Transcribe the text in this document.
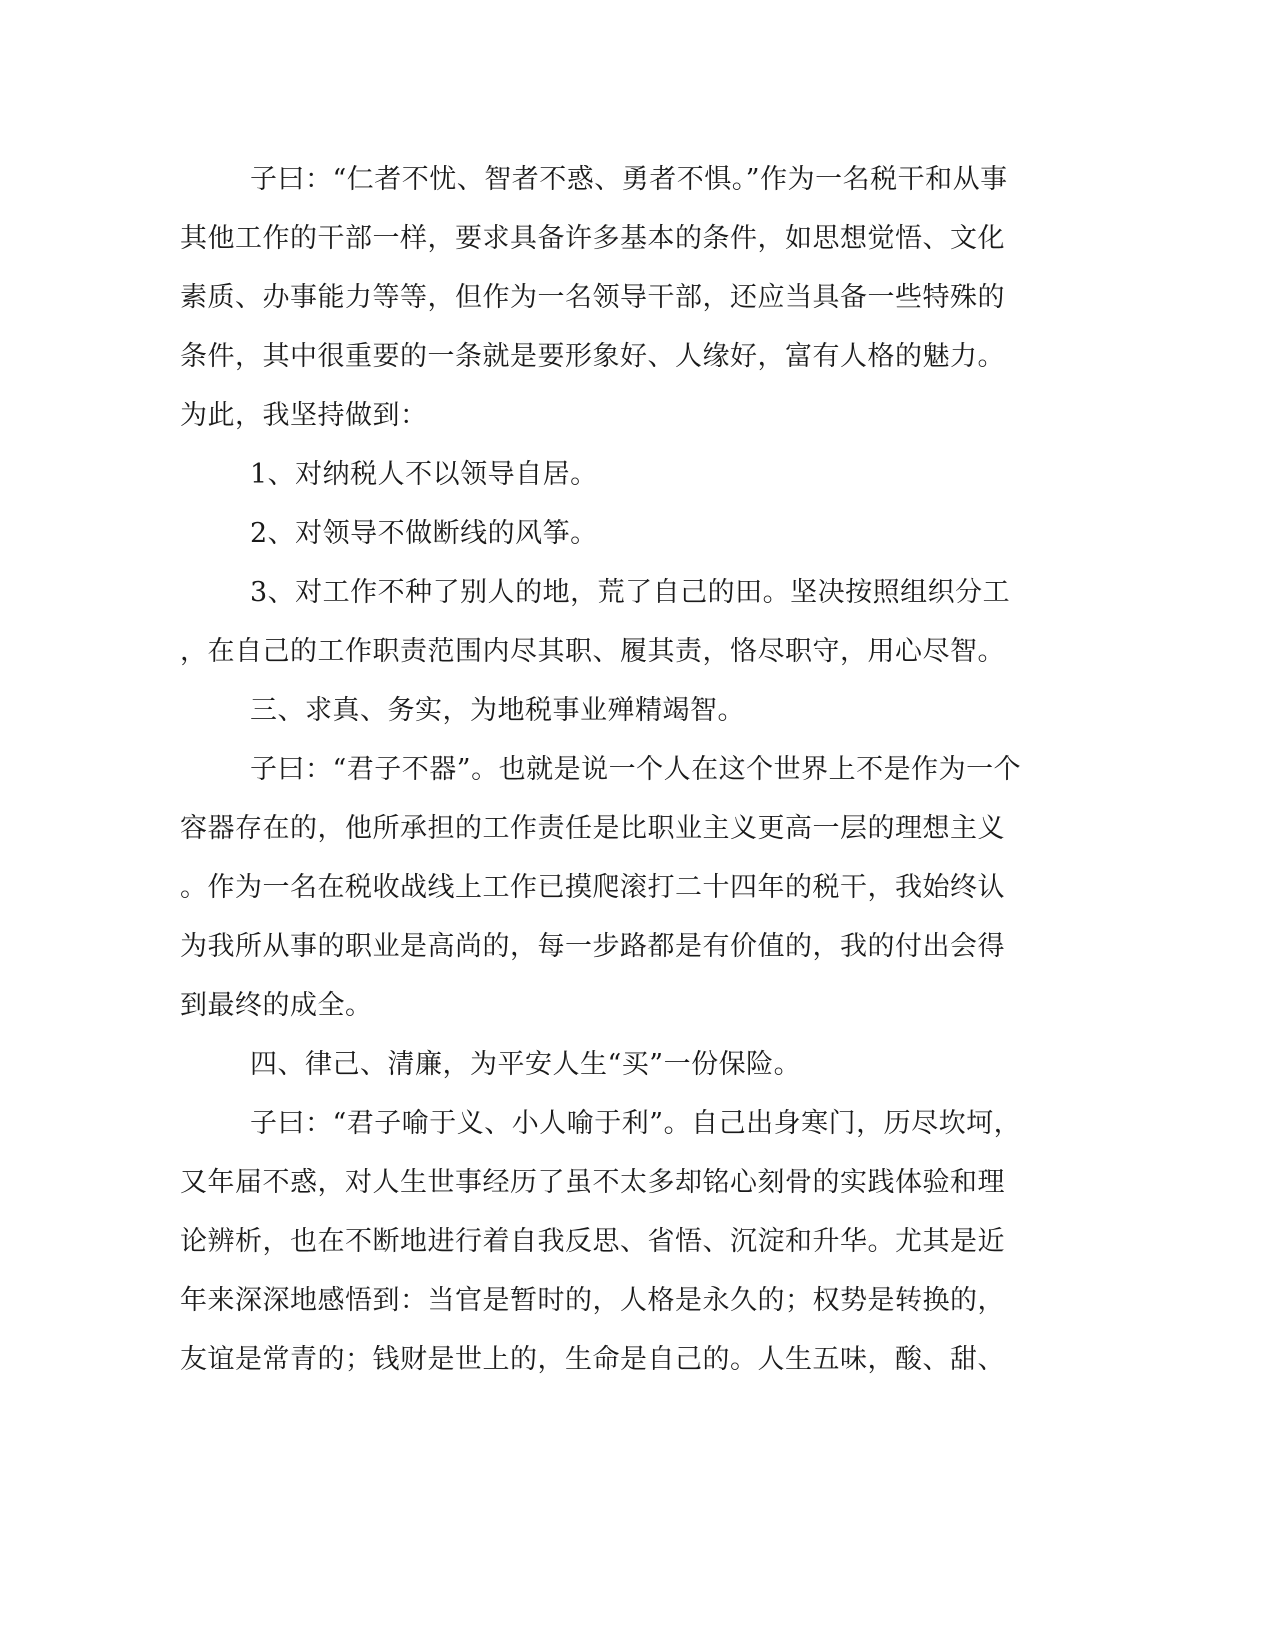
子曰：“仁者不忧、智者不惑、勇者不惧。”作为一名税干和从事
其他工作的干部一样，要求具备许多基本的条件，如思想觉悟、文化
素质、办事能力等等，但作为一名领导干部，还应当具备一些特殊的
条件，其中很重要的一条就是要形象好、人缘好，富有人格的魅力。
为此，我坚持做到：
1、对纳税人不以领导自居。
2、对领导不做断线的风筝。
3、对工作不种了别人的地，荒了自己的田。坚决按照组织分工
，在自己的工作职责范围内尽其职、履其责，恪尽职守，用心尽智。
三、求真、务实，为地税事业殚精竭智。
子曰：“君子不器”。也就是说一个人在这个世界上不是作为一个
容器存在的，他所承担的工作责任是比职业主义更高一层的理想主义
。作为一名在税收战线上工作已摸爬滚打二十四年的税干，我始终认
为我所从事的职业是高尚的，每一步路都是有价值的，我的付出会得
到最终的成全。
四、律己、清廉，为平安人生“买”一份保险。
子曰：“君子喻于义、小人喻于利”。自己出身寒门，历尽坎坷，
又年届不惑，对人生世事经历了虽不太多却铭心刻骨的实践体验和理
论辨析，也在不断地进行着自我反思、省悟、沉淀和升华。尤其是近
年来深深地感悟到：当官是暂时的，人格是永久的；权势是转换的，
友谊是常青的；钱财是世上的，生命是自己的。人生五味，酸、甜、
